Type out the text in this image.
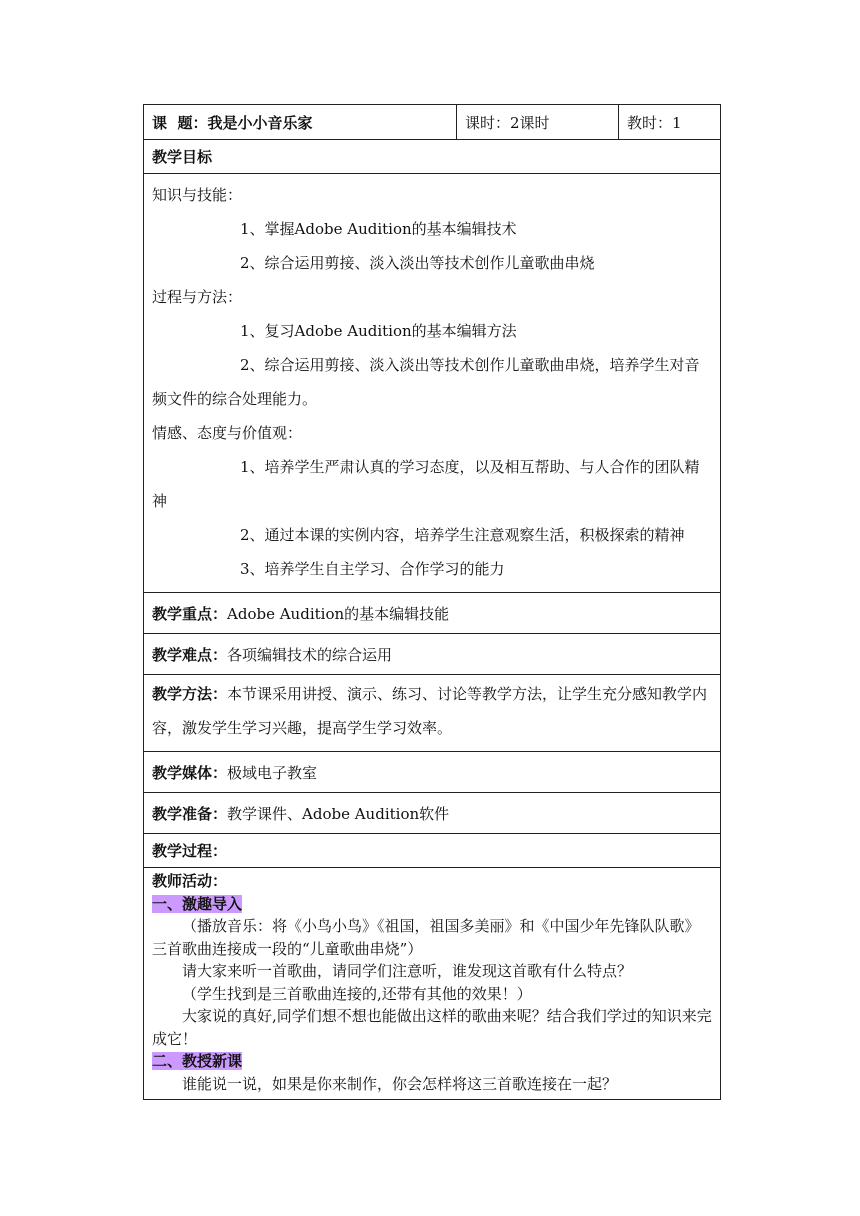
课  题：我是小小音乐家	课时：2课时	教时：1
教学目标

知识与技能：
1、掌握Adobe Audition的基本编辑技术
2、综合运用剪接、淡入淡出等技术创作儿童歌曲串烧
过程与方法：
1、复习Adobe Audition的基本编辑方法
2、综合运用剪接、淡入淡出等技术创作儿童歌曲串烧，培养学生对音频文件的综合处理能力。
情感、态度与价值观：
1、培养学生严肃认真的学习态度，以及相互帮助、与人合作的团队精神
2、通过本课的实例内容，培养学生注意观察生活，积极探索的精神
3、培养学生自主学习、合作学习的能力

教学重点：Adobe Audition的基本编辑技能
教学难点：各项编辑技术的综合运用
教学方法：本节课采用讲授、演示、练习、讨论等教学方法，让学生充分感知教学内容，激发学生学习兴趣，提高学生学习效率。
教学媒体：极域电子教室
教学准备：教学课件、Adobe Audition软件
教学过程：

教师活动：
一、激趣导入
（播放音乐：将《小鸟小鸟》《祖国，祖国多美丽》和《中国少年先锋队队歌》三首歌曲连接成一段的“儿童歌曲串烧”）
请大家来听一首歌曲，请同学们注意听，谁发现这首歌有什么特点？
（学生找到是三首歌曲连接的,还带有其他的效果！）
大家说的真好,同学们想不想也能做出这样的歌曲来呢？结合我们学过的知识来完成它！
二、教授新课
谁能说一说，如果是你来制作，你会怎样将这三首歌连接在一起？
